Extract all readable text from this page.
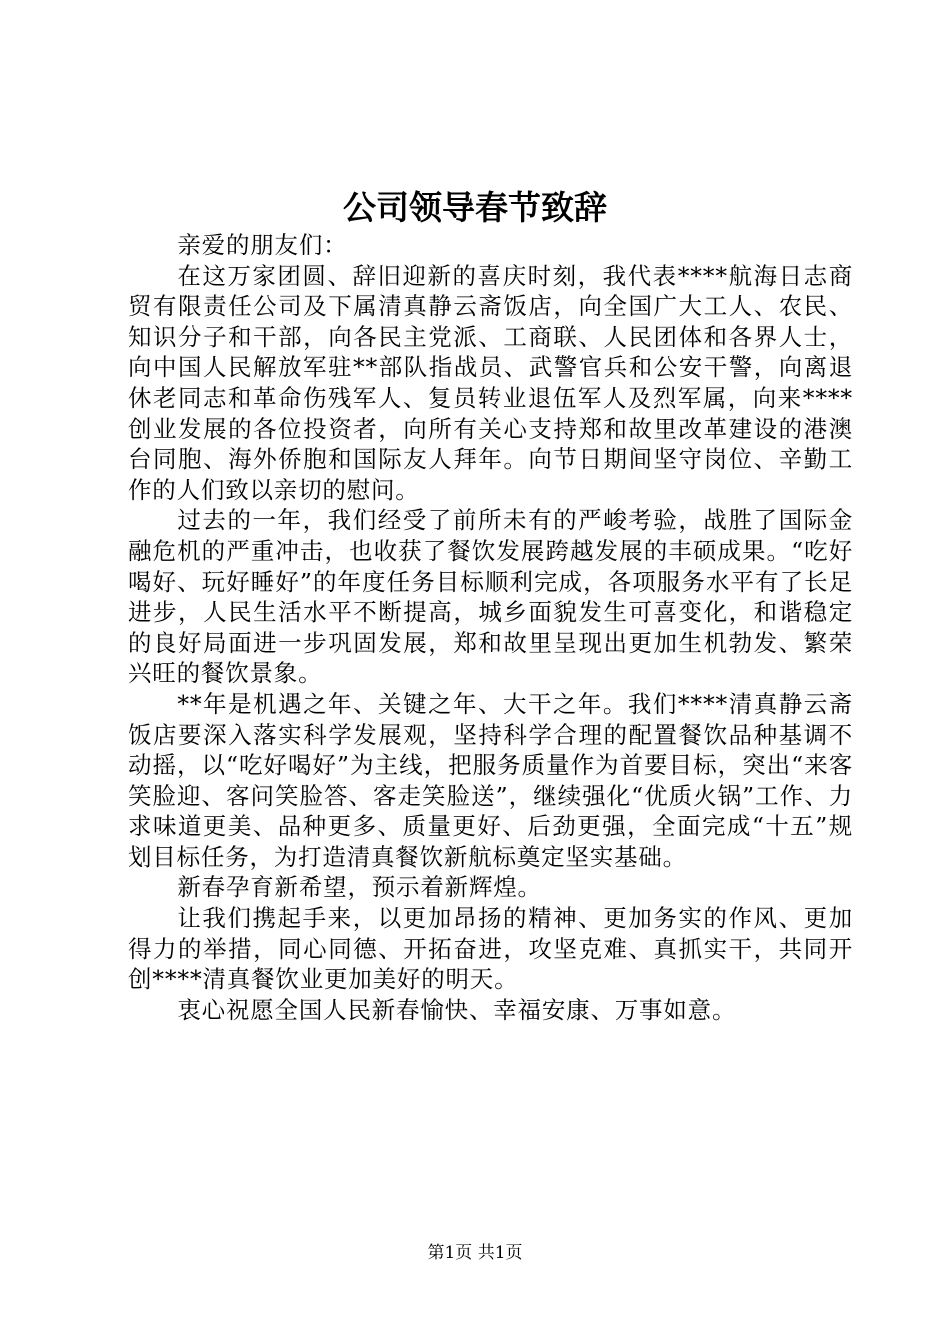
公司领导春节致辞

亲爱的朋友们：

在这万家团圆、辞旧迎新的喜庆时刻，我代表****航海日志商贸有限责任公司及下属清真静云斋饭店，向全国广大工人、农民、知识分子和干部，向各民主党派、工商联、人民团体和各界人士，向中国人民解放军驻**部队指战员、武警官兵和公安干警，向离退休老同志和革命伤残军人、复员转业退伍军人及烈军属，向来****创业发展的各位投资者，向所有关心支持郑和故里改革建设的港澳台同胞、海外侨胞和国际友人拜年。向节日期间坚守岗位、辛勤工作的人们致以亲切的慰问。

过去的一年，我们经受了前所未有的严峻考验，战胜了国际金融危机的严重冲击，也收获了餐饮发展跨越发展的丰硕成果。“吃好喝好、玩好睡好”的年度任务目标顺利完成，各项服务水平有了长足进步，人民生活水平不断提高，城乡面貌发生可喜变化，和谐稳定的良好局面进一步巩固发展，郑和故里呈现出更加生机勃发、繁荣兴旺的餐饮景象。

**年是机遇之年、关键之年、大干之年。我们****清真静云斋饭店要深入落实科学发展观，坚持科学合理的配置餐饮品种基调不动摇，以“吃好喝好”为主线，把服务质量作为首要目标，突出“来客笑脸迎、客问笑脸答、客走笑脸送”，继续强化“优质火锅”工作、力求味道更美、品种更多、质量更好、后劲更强，全面完成“十五”规划目标任务，为打造清真餐饮新航标奠定坚实基础。

新春孕育新希望，预示着新辉煌。

让我们携起手来，以更加昂扬的精神、更加务实的作风、更加得力的举措，同心同德、开拓奋进，攻坚克难、真抓实干，共同开创****清真餐饮业更加美好的明天。

衷心祝愿全国人民新春愉快、幸福安康、万事如意。

第1页 共1页
